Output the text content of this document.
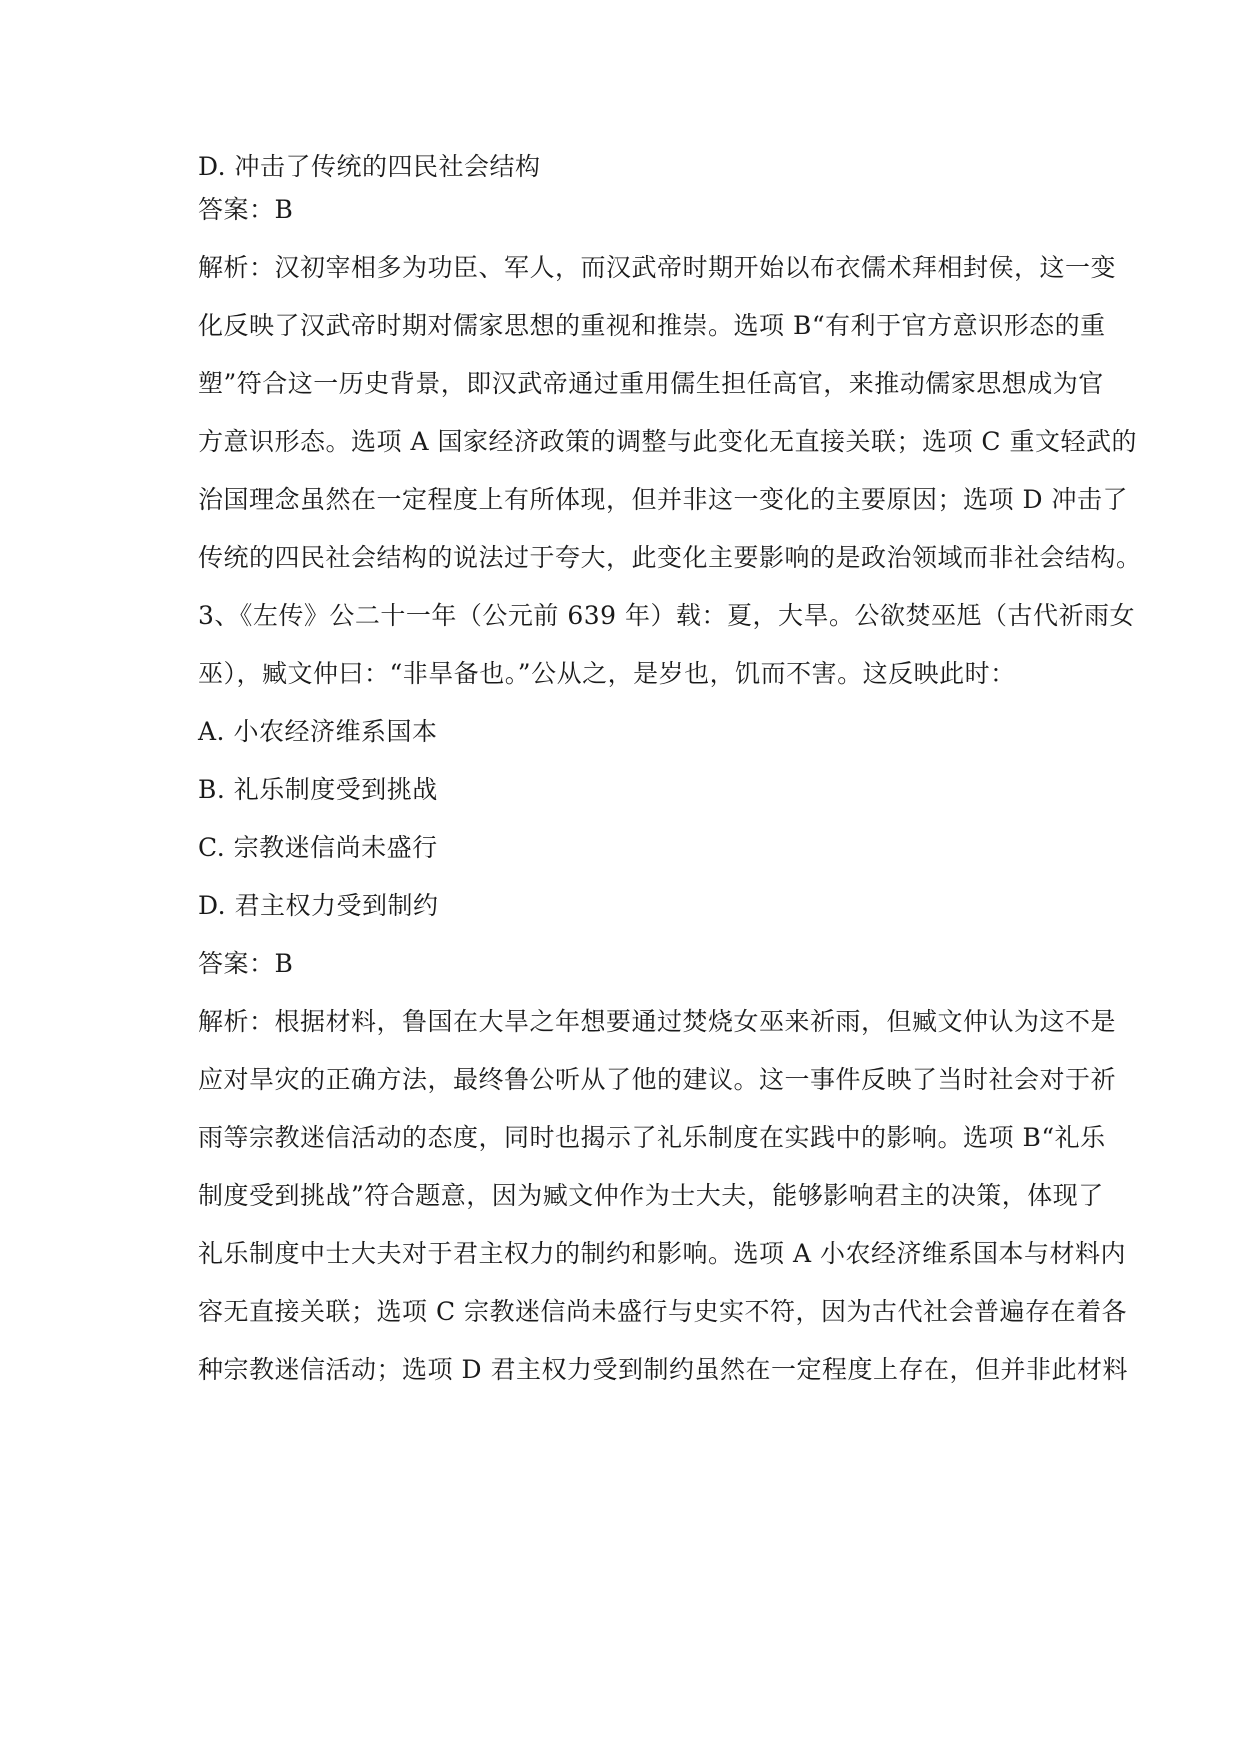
D. 冲击了传统的四民社会结构
答案：B
解析：汉初宰相多为功臣、军人，而汉武帝时期开始以布衣儒术拜相封侯，这一变
化反映了汉武帝时期对儒家思想的重视和推崇。选项 B“有利于官方意识形态的重
塑”符合这一历史背景，即汉武帝通过重用儒生担任高官，来推动儒家思想成为官
方意识形态。选项 A 国家经济政策的调整与此变化无直接关联；选项 C 重文轻武的
治国理念虽然在一定程度上有所体现，但并非这一变化的主要原因；选项 D 冲击了
传统的四民社会结构的说法过于夸大，此变化主要影响的是政治领域而非社会结构。
3、《左传》公二十一年（公元前 639 年）载：夏，大旱。公欲焚巫尪（古代祈雨女
巫），臧文仲曰：“非旱备也。”公从之，是岁也，饥而不害。这反映此时：
A. 小农经济维系国本
B. 礼乐制度受到挑战
C. 宗教迷信尚未盛行
D. 君主权力受到制约
答案：B
解析：根据材料，鲁国在大旱之年想要通过焚烧女巫来祈雨，但臧文仲认为这不是
应对旱灾的正确方法，最终鲁公听从了他的建议。这一事件反映了当时社会对于祈
雨等宗教迷信活动的态度，同时也揭示了礼乐制度在实践中的影响。选项 B“礼乐
制度受到挑战”符合题意，因为臧文仲作为士大夫，能够影响君主的决策，体现了
礼乐制度中士大夫对于君主权力的制约和影响。选项 A 小农经济维系国本与材料内
容无直接关联；选项 C 宗教迷信尚未盛行与史实不符，因为古代社会普遍存在着各
种宗教迷信活动；选项 D 君主权力受到制约虽然在一定程度上存在，但并非此材料
